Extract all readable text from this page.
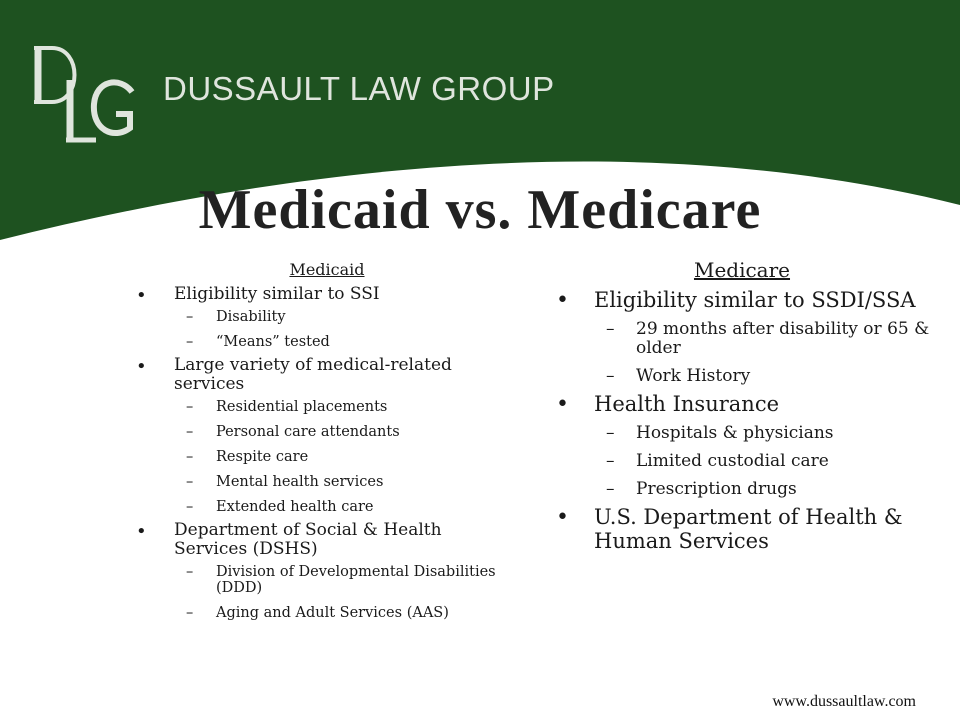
DUSSAULT LAW GROUP
Medicaid vs. Medicare
Medicaid
• Eligibility similar to SSI
– Disability
– “Means” tested
• Large variety of medical-related services
– Residential placements
– Personal care attendants
– Respite care
– Mental health services
– Extended health care
• Department of Social & Health Services (DSHS)
– Division of Developmental Disabilities (DDD)
– Aging and Adult Services (AAS)
Medicare
• Eligibility similar to SSDI/SSA
– 29 months after disability or 65 & older
– Work History
• Health Insurance
– Hospitals & physicians
– Limited custodial care
– Prescription drugs
• U.S. Department of Health & Human Services
www.dussaultlaw.com
